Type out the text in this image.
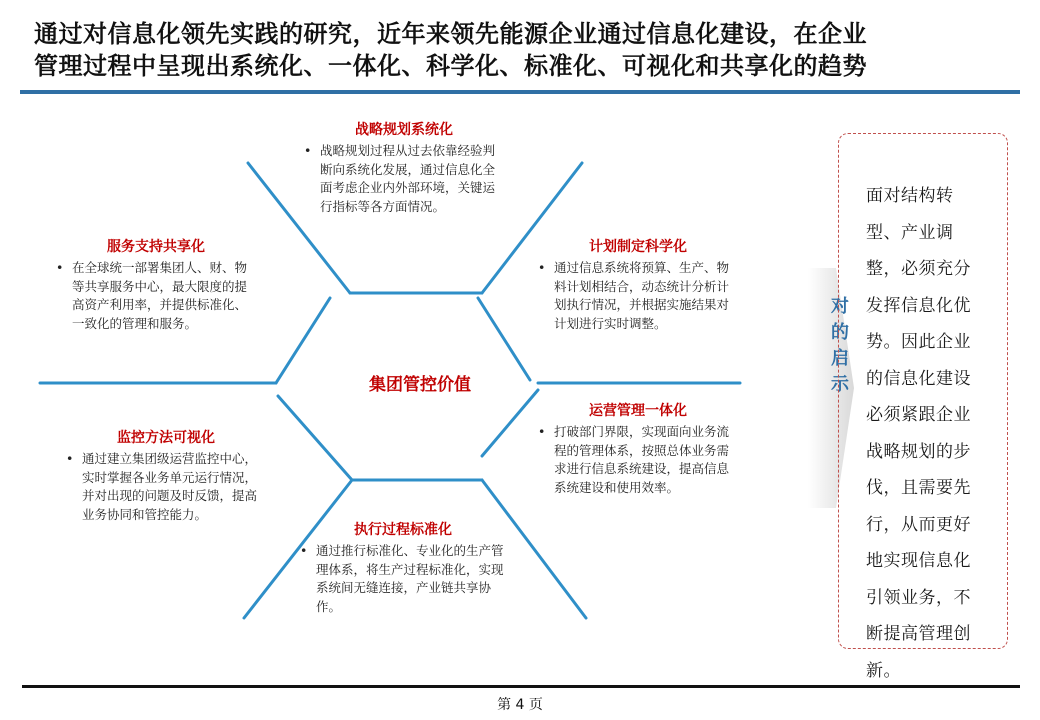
通过对信息化领先实践的研究，近年来领先能源企业通过信息化建设，在企业
管理过程中呈现出系统化、一体化、科学化、标准化、可视化和共享化的趋势
战略规划系统化
• 战略规划过程从过去依靠经验判断向系统化发展，通过信息化全面考虑企业内外部环境，关键运行指标等各方面情况。
计划制定科学化
• 通过信息系统将预算、生产、物料计划相结合，动态统计分析计划执行情况，并根据实施结果对计划进行实时调整。
运营管理一体化
• 打破部门界限，实现面向业务流程的管理体系，按照总体业务需求进行信息系统建设，提高信息系统建设和使用效率。
执行过程标准化
• 通过推行标准化、专业化的生产管理体系，将生产过程标准化，实现系统间无缝连接，产业链共享协作。
监控方法可视化
• 通过建立集团级运营监控中心，实时掌握各业务单元运行情况，并对出现的问题及时反馈，提高业务协同和管控能力。
服务支持共享化
• 在全球统一部署集团人、财、物等共享服务中心，最大限度的提高资产利用率，并提供标准化、一致化的管理和服务。
集团管控价值
对的启示
面对结构转型、产业调整，必须充分发挥信息化优势。因此企业的信息化建设必须紧跟企业战略规划的步伐，且需要先行，从而更好地实现信息化引领业务，不断提高管理创新。
第 4 页
